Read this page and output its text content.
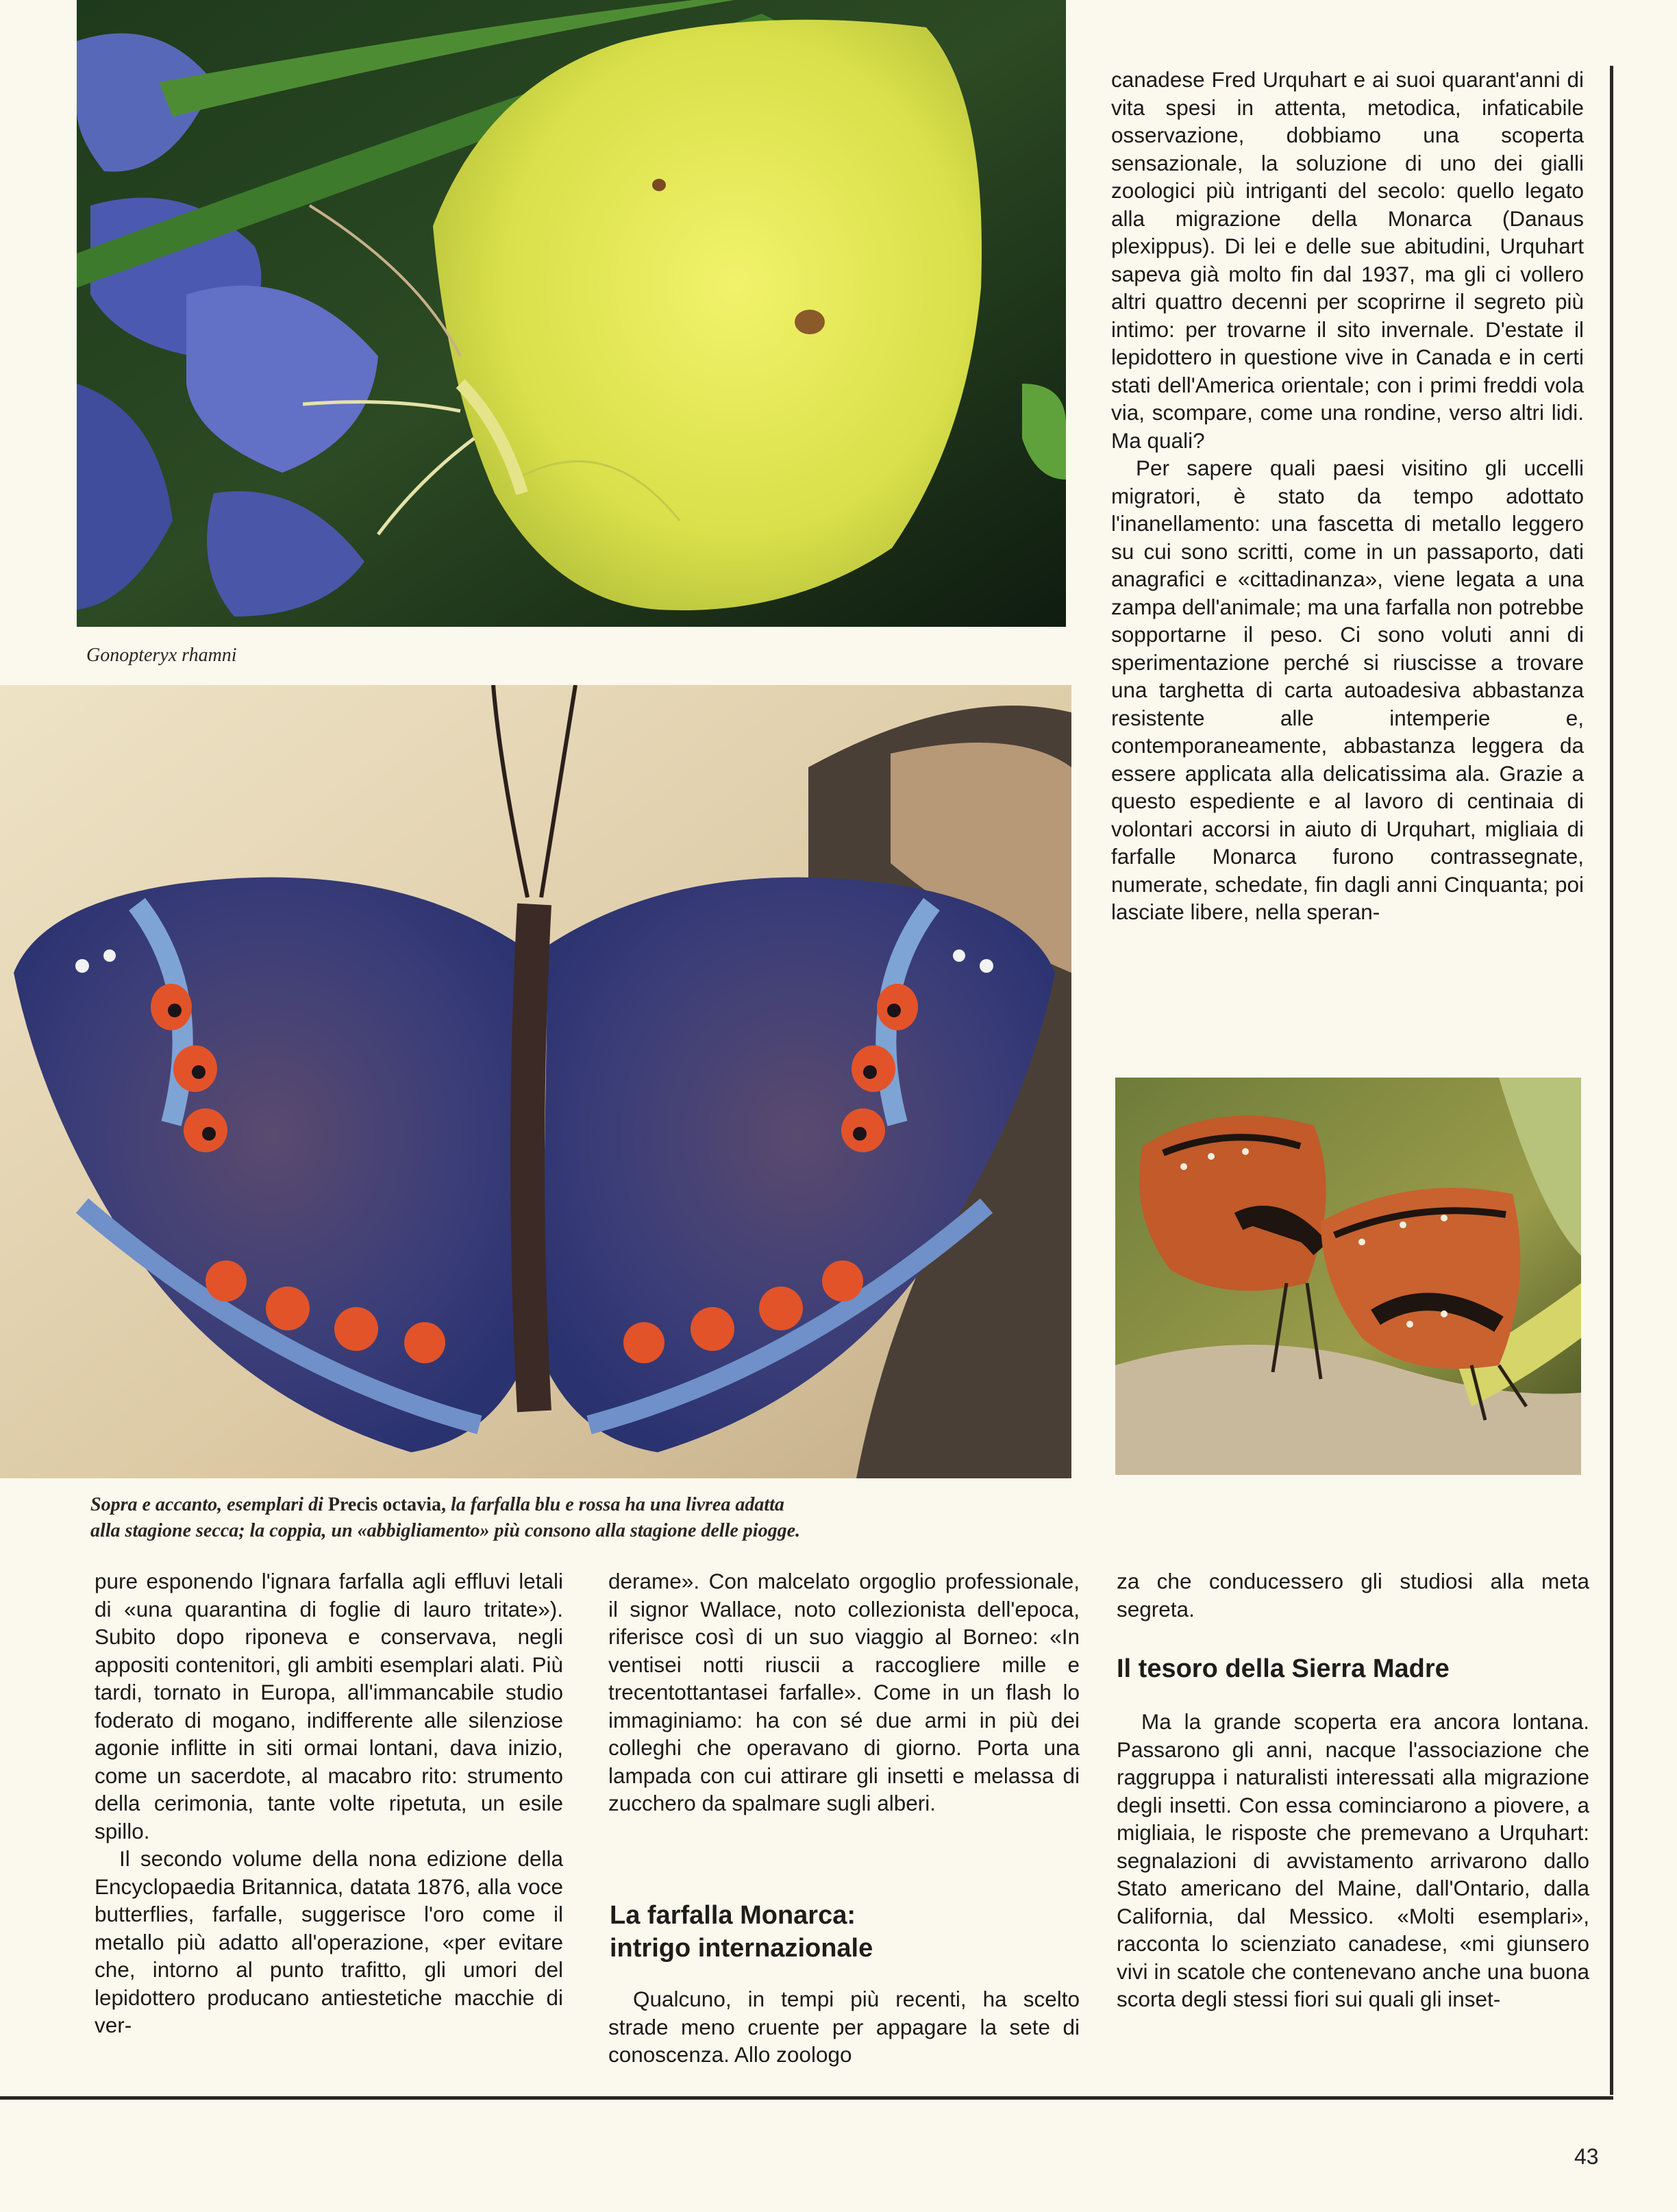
Gonopteryx rhamni

Sopra e accanto, esemplari di Precis octavia, la farfalla blu e rossa ha una livrea adatta
alla stagione secca; la coppia, un «abbigliamento» più consono alla stagione delle piogge.

canadese Fred Urquhart e ai suoi quarant'anni di vita spesi in attenta, metodica, infaticabile osservazione, dobbiamo una scoperta sensazionale, la soluzione di uno dei gialli zoologici più intriganti del secolo: quello legato alla migrazione della Monarca (Danaus plexippus). Di lei e delle sue abitudini, Urquhart sapeva già molto fin dal 1937, ma gli ci vollero altri quattro decenni per scoprirne il segreto più intimo: per trovarne il sito invernale. D'estate il lepidottero in questione vive in Canada e in certi stati dell'America orientale; con i primi freddi vola via, scompare, come una rondine, verso altri lidi. Ma quali?

Per sapere quali paesi visitino gli uccelli migratori, è stato da tempo adottato l'inanellamento: una fascetta di metallo leggero su cui sono scritti, come in un passaporto, dati anagrafici e «cittadinanza», viene legata a una zampa dell'animale; ma una farfalla non potrebbe sopportarne il peso. Ci sono voluti anni di sperimentazione perché si riuscisse a trovare una targhetta di carta autoadesiva abbastanza resistente alle intemperie e, contemporaneamente, abbastanza leggera da essere applicata alla delicatissima ala. Grazie a questo espediente e al lavoro di centinaia di volontari accorsi in aiuto di Urquhart, migliaia di farfalle Monarca furono contrassegnate, numerate, schedate, fin dagli anni Cinquanta; poi lasciate libere, nella speran-

pure esponendo l'ignara farfalla agli effluvi letali di «una quarantina di foglie di lauro tritate»). Subito dopo riponeva e conservava, negli appositi contenitori, gli ambiti esemplari alati. Più tardi, tornato in Europa, all'immancabile studio foderato di mogano, indifferente alle silenziose agonie inflitte in siti ormai lontani, dava inizio, come un sacerdote, al macabro rito: strumento della cerimonia, tante volte ripetuta, un esile spillo.

Il secondo volume della nona edizione della Encyclopaedia Britannica, datata 1876, alla voce butterflies, farfalle, suggerisce l'oro come il metallo più adatto all'operazione, «per evitare che, intorno al punto trafitto, gli umori del lepidottero producano antiestetiche macchie di ver-

derame». Con malcelato orgoglio professionale, il signor Wallace, noto collezionista dell'epoca, riferisce così di un suo viaggio al Borneo: «In ventisei notti riuscii a raccogliere mille e trecentottantasei farfalle». Come in un flash lo immaginiamo: ha con sé due armi in più dei colleghi che operavano di giorno. Porta una lampada con cui attirare gli insetti e melassa di zucchero da spalmare sugli alberi.

La farfalla Monarca:
intrigo internazionale

Qualcuno, in tempi più recenti, ha scelto strade meno cruente per appagare la sete di conoscenza. Allo zoologo

za che conducessero gli studiosi alla meta segreta.

Il tesoro della Sierra Madre

Ma la grande scoperta era ancora lontana. Passarono gli anni, nacque l'associazione che raggruppa i naturalisti interessati alla migrazione degli insetti. Con essa cominciarono a piovere, a migliaia, le risposte che premevano a Urquhart: segnalazioni di avvistamento arrivarono dallo Stato americano del Maine, dall'Ontario, dalla California, dal Messico. «Molti esemplari», racconta lo scienziato canadese, «mi giunsero vivi in scatole che contenevano anche una buona scorta degli stessi fiori sui quali gli inset-

43
